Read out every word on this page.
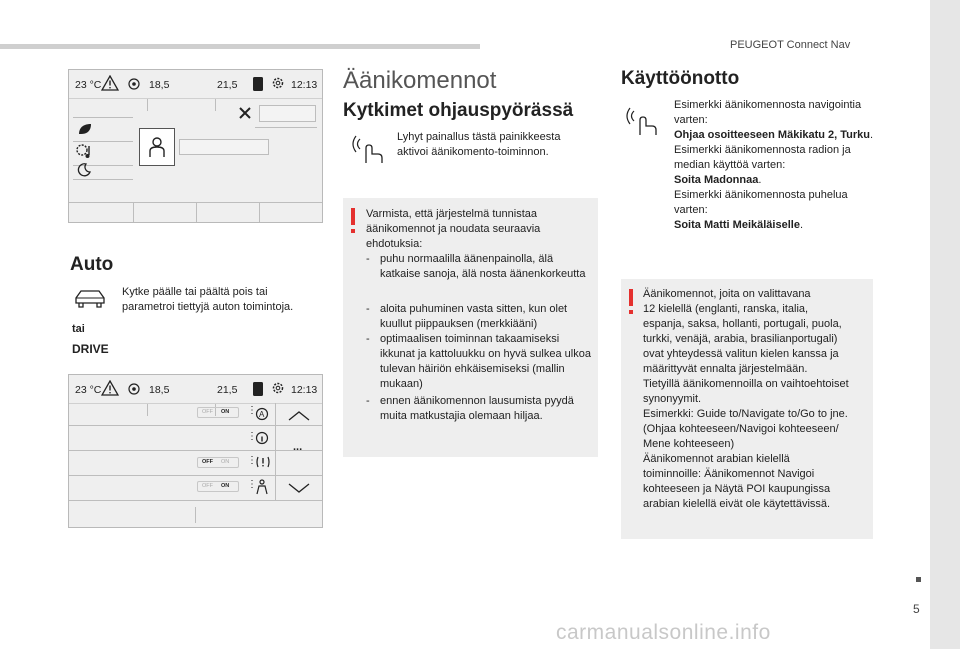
PEUGEOT Connect Nav
5
carmanualsonline.info
23 °C	18,5	21,5	12:13
Auto
Kytke päälle tai päältä pois tai parametroi tiettyjä auton toimintoja.
tai
DRIVE
23 °C	18,5	21,5	12:13
OFF ON ⋮ A
⋮
...
OFF ON ⋮
OFF ON ⋮
Äänikomennot
Kytkimet ohjauspyörässä
Lyhyt painallus tästä painikkeesta aktivoi äänikomento-toiminnon.
Varmista, että järjestelmä tunnistaa äänikomennot ja noudata seuraavia ehdotuksia:
- puhu normaalilla äänenpainolla, älä katkaise sanoja, älä nosta äänenkorkeutta
- aloita puhuminen vasta sitten, kun olet kuullut piippauksen (merkkiääni)
- optimaalisen toiminnan takaamiseksi ikkunat ja kattoluukku on hyvä sulkea ulkoa tulevan häiriön ehkäisemiseksi (mallin mukaan)
- ennen äänikomennon lausumista pyydä muita matkustajia olemaan hiljaa.
Käyttöönotto
Esimerkki äänikomennosta navigointia varten:
Ohjaa osoitteeseen Mäkikatu 2, Turku.
Esimerkki äänikomennosta radion ja median käyttöä varten:
Soita Madonnaa.
Esimerkki äänikomennosta puhelua varten:
Soita Matti Meikäläiselle.
Äänikomennot, joita on valittavana
12 kielellä (englanti, ranska, italia,
espanja, saksa, hollanti, portugali, puola,
turkki, venäjä, arabia, brasilianportugali)
ovat yhteydessä valitun kielen kanssa ja
määrittyvät ennalta järjestelmään.
Tietyillä äänikomennoilla on vaihtoehtoiset
synonyymit.
Esimerkki: Guide to/Navigate to/Go to jne.
(Ohjaa kohteeseen/Navigoi kohteeseen/
Mene kohteeseen)
Äänikomennot arabian kielellä
toiminnoille: Äänikomennot Navigoi
kohteeseen ja Näytä POI kaupungissa
arabian kielellä eivät ole käytettävissä.
